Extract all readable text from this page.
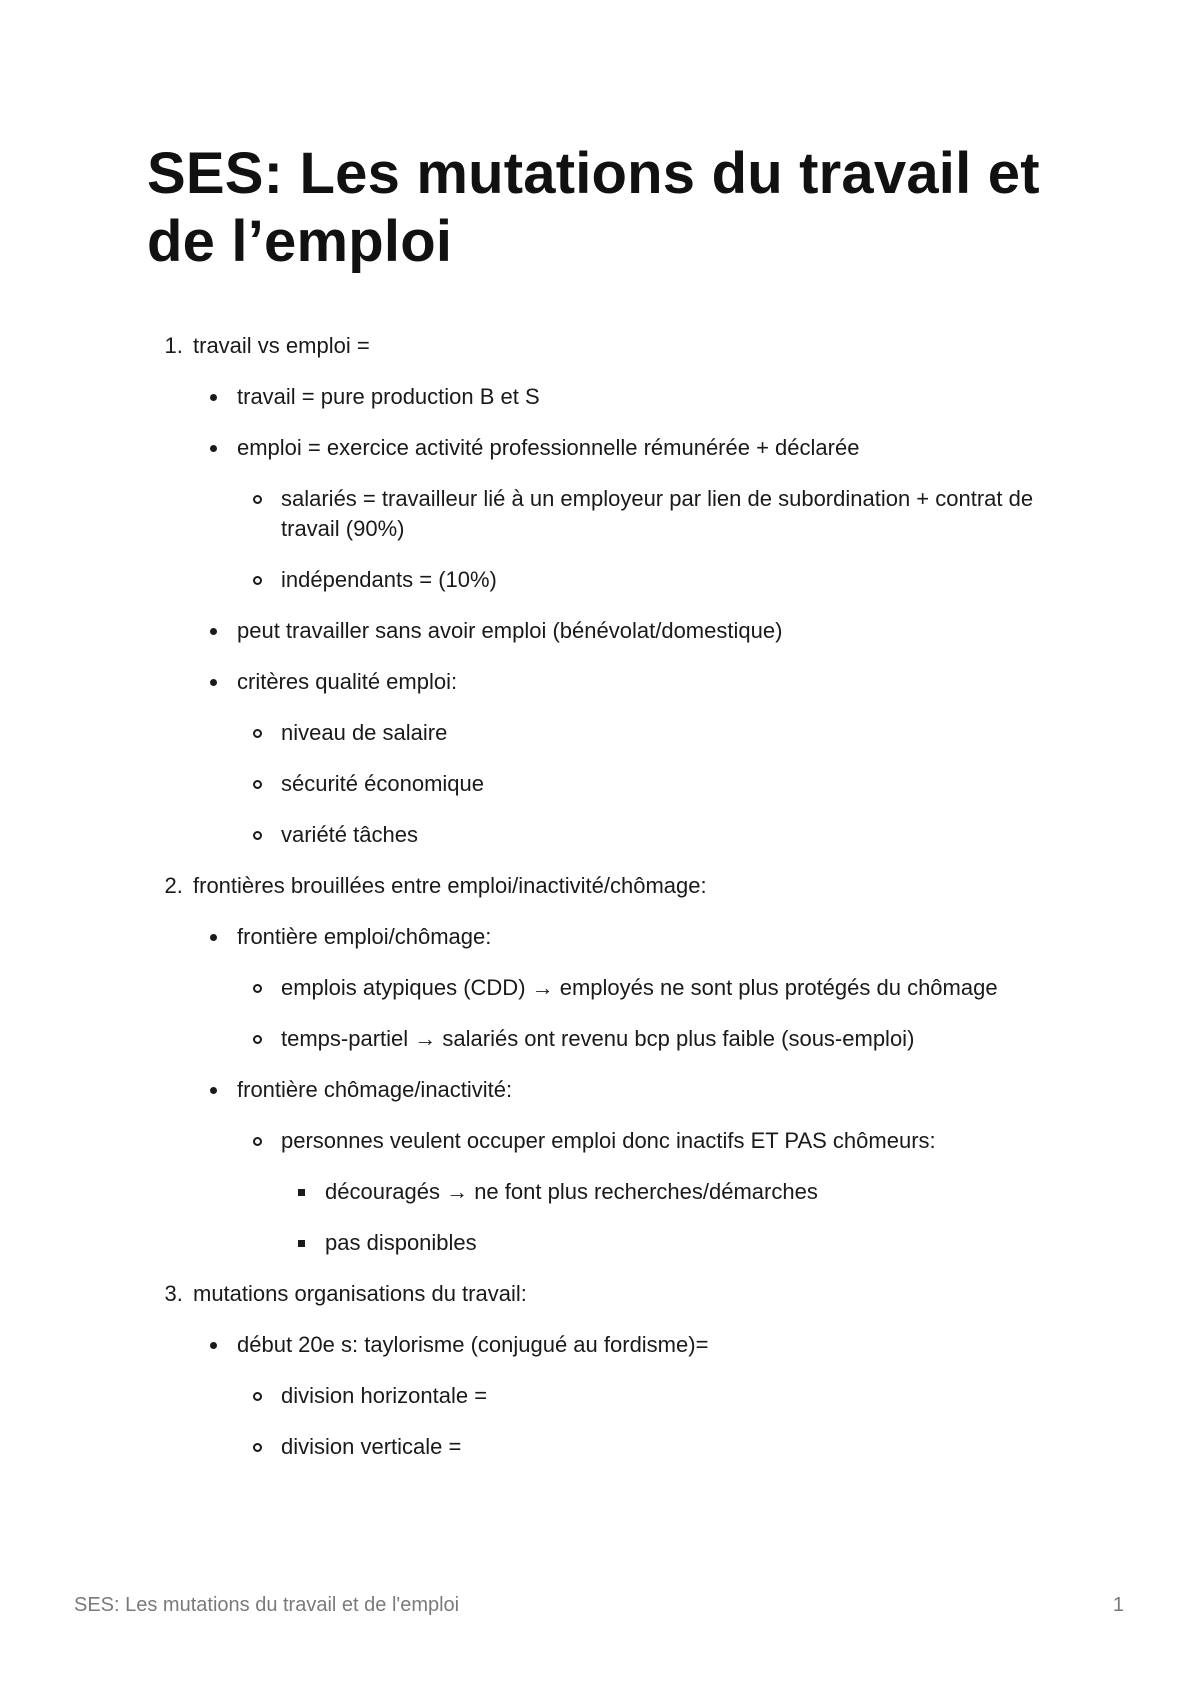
SES: Les mutations du travail et de l’emploi
1. travail vs emploi =
travail = pure production B et S
emploi = exercice activité professionnelle rémunérée + déclarée
salariés = travailleur lié à un employeur par lien de subordination + contrat de travail (90%)
indépendants = (10%)
peut travailler sans avoir emploi (bénévolat/domestique)
critères qualité emploi:
niveau de salaire
sécurité économique
variété tâches
2. frontières brouillées entre emploi/inactivité/chômage:
frontière emploi/chômage:
emplois atypiques (CDD) → employés ne sont plus protégés du chômage
temps-partiel → salariés ont revenu bcp plus faible (sous-emploi)
frontière chômage/inactivité:
personnes veulent occuper emploi donc inactifs ET PAS chômeurs:
découragés → ne font plus recherches/démarches
pas disponibles
3. mutations organisations du travail:
début 20e s: taylorisme (conjugué au fordisme)=
division horizontale =
division verticale =
SES: Les mutations du travail et de l'emploi	1
